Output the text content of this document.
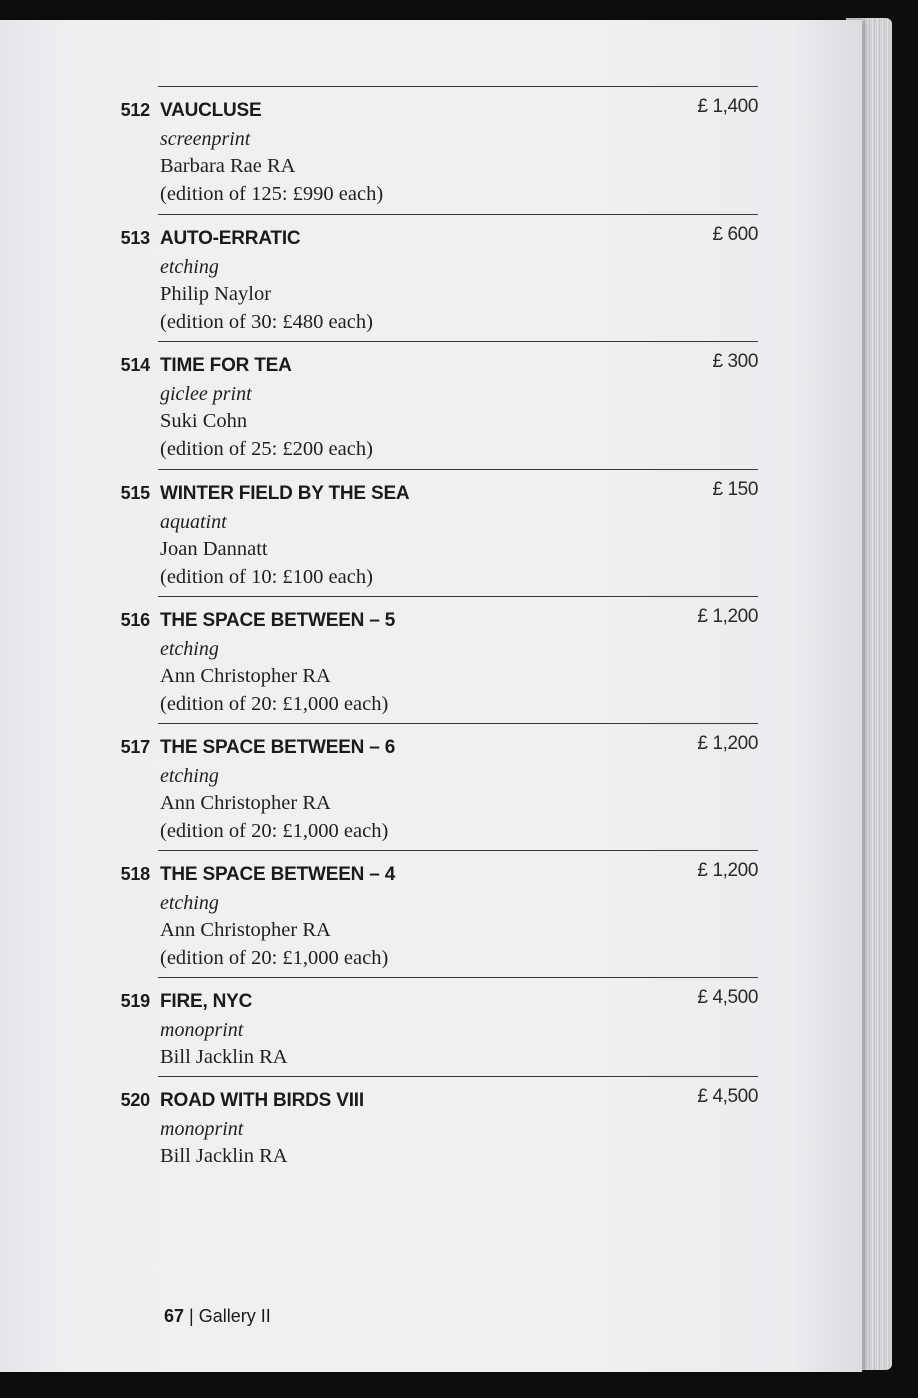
512 VAUCLUSE	£ 1,400
screenprint
Barbara Rae RA
(edition of 125: £990 each)
513 AUTO-ERRATIC	£ 600
etching
Philip Naylor
(edition of 30: £480 each)
514 TIME FOR TEA	£ 300
giclee print
Suki Cohn
(edition of 25: £200 each)
515 WINTER FIELD BY THE SEA	£ 150
aquatint
Joan Dannatt
(edition of 10: £100 each)
516 THE SPACE BETWEEN – 5	£ 1,200
etching
Ann Christopher RA
(edition of 20: £1,000 each)
517 THE SPACE BETWEEN – 6	£ 1,200
etching
Ann Christopher RA
(edition of 20: £1,000 each)
518 THE SPACE BETWEEN – 4	£ 1,200
etching
Ann Christopher RA
(edition of 20: £1,000 each)
519 FIRE, NYC	£ 4,500
monoprint
Bill Jacklin RA
520 ROAD WITH BIRDS VIII	£ 4,500
monoprint
Bill Jacklin RA
67 | Gallery II
